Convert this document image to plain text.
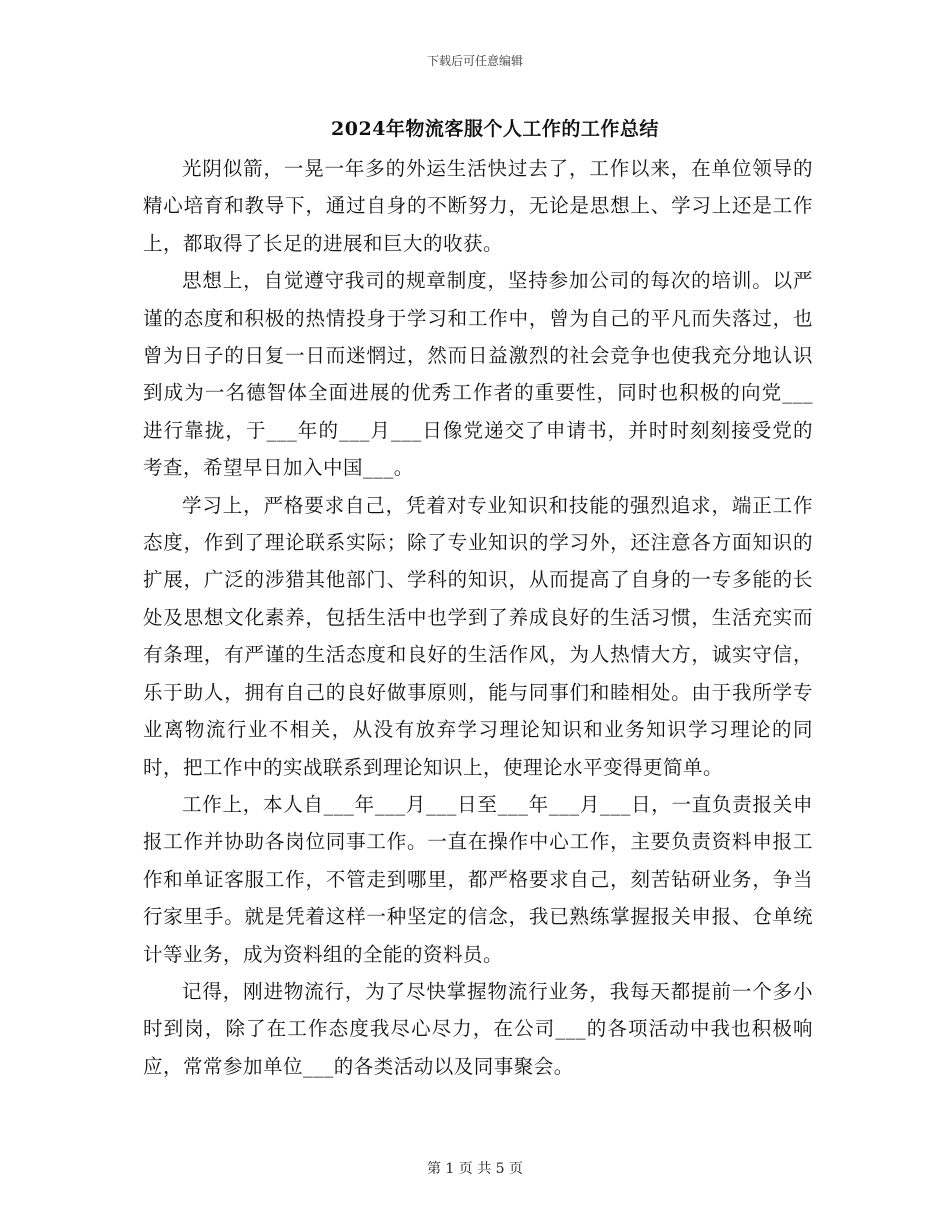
下载后可任意编辑
2024年物流客服个人工作的工作总结

光阴似箭，一晃一年多的外运生活快过去了，工作以来，在单位领导的精心培育和教导下，通过自身的不断努力，无论是思想上、学习上还是工作上，都取得了长足的进展和巨大的收获。

思想上，自觉遵守我司的规章制度，坚持参加公司的每次的培训。以严谨的态度和积极的热情投身于学习和工作中，曾为自己的平凡而失落过，也曾为日子的日复一日而迷惘过，然而日益激烈的社会竞争也使我充分地认识到成为一名德智体全面进展的优秀工作者的重要性，同时也积极的向党___进行靠拢，于___年的___月___日像党递交了申请书，并时时刻刻接受党的考查，希望早日加入中国___。

学习上，严格要求自己，凭着对专业知识和技能的强烈追求，端正工作态度，作到了理论联系实际；除了专业知识的学习外，还注意各方面知识的扩展，广泛的涉猎其他部门、学科的知识，从而提高了自身的一专多能的长处及思想文化素养，包括生活中也学到了养成良好的生活习惯，生活充实而有条理，有严谨的生活态度和良好的生活作风，为人热情大方，诚实守信，乐于助人，拥有自己的良好做事原则，能与同事们和睦相处。由于我所学专业离物流行业不相关，从没有放弃学习理论知识和业务知识学习理论的同时，把工作中的实战联系到理论知识上，使理论水平变得更简单。

工作上，本人自___年___月___日至___年___月___日，一直负责报关申报工作并协助各岗位同事工作。一直在操作中心工作，主要负责资料申报工作和单证客服工作，不管走到哪里，都严格要求自己，刻苦钻研业务，争当行家里手。就是凭着这样一种坚定的信念，我已熟练掌握报关申报、仓单统计等业务，成为资料组的全能的资料员。

记得，刚进物流行，为了尽快掌握物流行业务，我每天都提前一个多小时到岗，除了在工作态度我尽心尽力，在公司___的各项活动中我也积极响应，常常参加单位___的各类活动以及同事聚会。

第 1 页 共 5 页
